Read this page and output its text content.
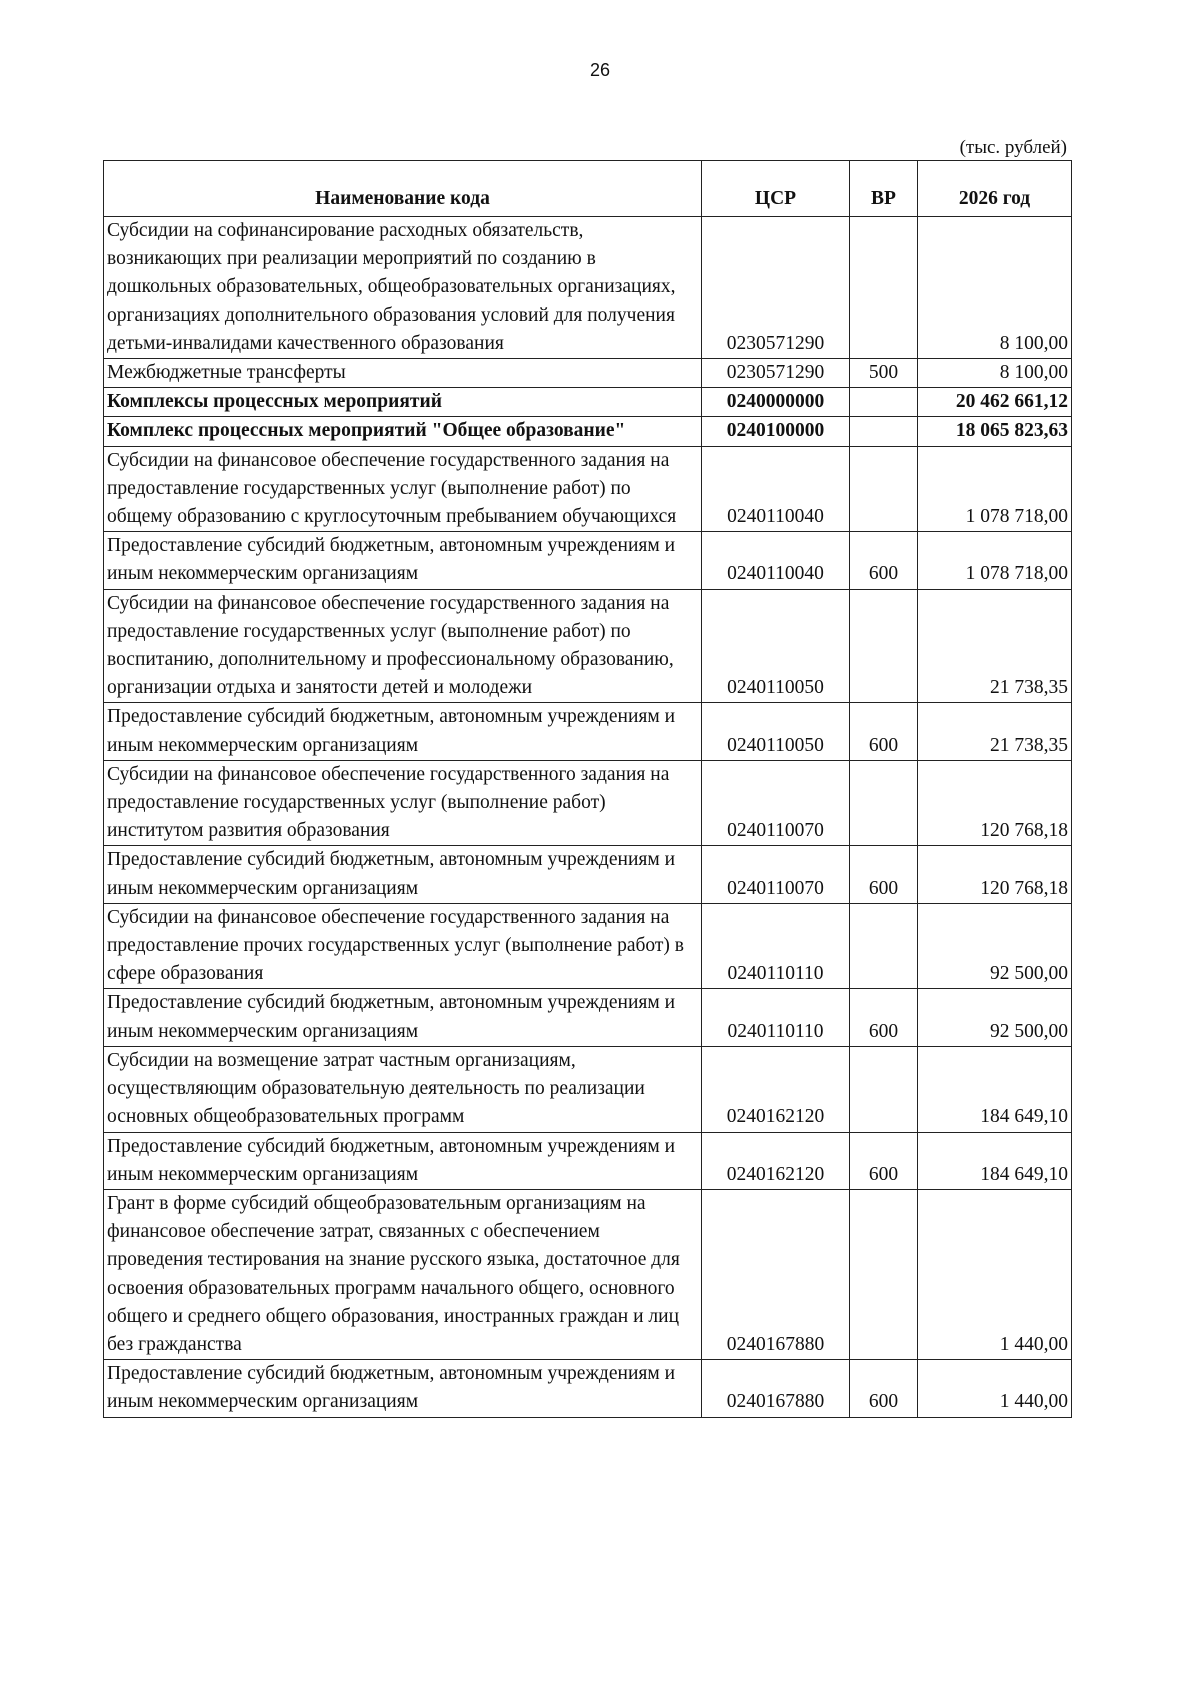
26
(тыс. рублей)
Наименование кода	ЦСР	ВР	2026 год
Субсидии на софинансирование расходных обязательств, возникающих при реализации мероприятий по созданию в дошкольных образовательных, общеобразовательных организациях, организациях дополнительного образования условий для получения детьми-инвалидами качественного образования	0230571290		8 100,00
Межбюджетные трансферты	0230571290	500	8 100,00
Комплексы процессных мероприятий	0240000000		20 462 661,12
Комплекс процессных мероприятий "Общее образование"	0240100000		18 065 823,63
Субсидии на финансовое обеспечение государственного задания на предоставление государственных услуг (выполнение работ) по общему образованию с круглосуточным пребыванием обучающихся	0240110040		1 078 718,00
Предоставление субсидий бюджетным, автономным учреждениям и иным некоммерческим организациям	0240110040	600	1 078 718,00
Субсидии на финансовое обеспечение государственного задания на предоставление государственных услуг (выполнение работ) по воспитанию, дополнительному и профессиональному образованию, организации отдыха и занятости детей и молодежи	0240110050		21 738,35
Предоставление субсидий бюджетным, автономным учреждениям и иным некоммерческим организациям	0240110050	600	21 738,35
Субсидии на финансовое обеспечение государственного задания на предоставление государственных услуг (выполнение работ) институтом развития образования	0240110070		120 768,18
Предоставление субсидий бюджетным, автономным учреждениям и иным некоммерческим организациям	0240110070	600	120 768,18
Субсидии на финансовое обеспечение государственного задания на предоставление прочих государственных услуг (выполнение работ) в сфере образования	0240110110		92 500,00
Предоставление субсидий бюджетным, автономным учреждениям и иным некоммерческим организациям	0240110110	600	92 500,00
Субсидии на возмещение затрат частным организациям, осуществляющим образовательную деятельность по реализации основных общеобразовательных программ	0240162120		184 649,10
Предоставление субсидий бюджетным, автономным учреждениям и иным некоммерческим организациям	0240162120	600	184 649,10
Грант в форме субсидий общеобразовательным организациям на финансовое обеспечение затрат, связанных с обеспечением проведения тестирования на знание русского языка, достаточное для освоения образовательных программ начального общего, основного общего и среднего общего образования, иностранных граждан и лиц без гражданства	0240167880		1 440,00
Предоставление субсидий бюджетным, автономным учреждениям и иным некоммерческим организациям	0240167880	600	1 440,00
